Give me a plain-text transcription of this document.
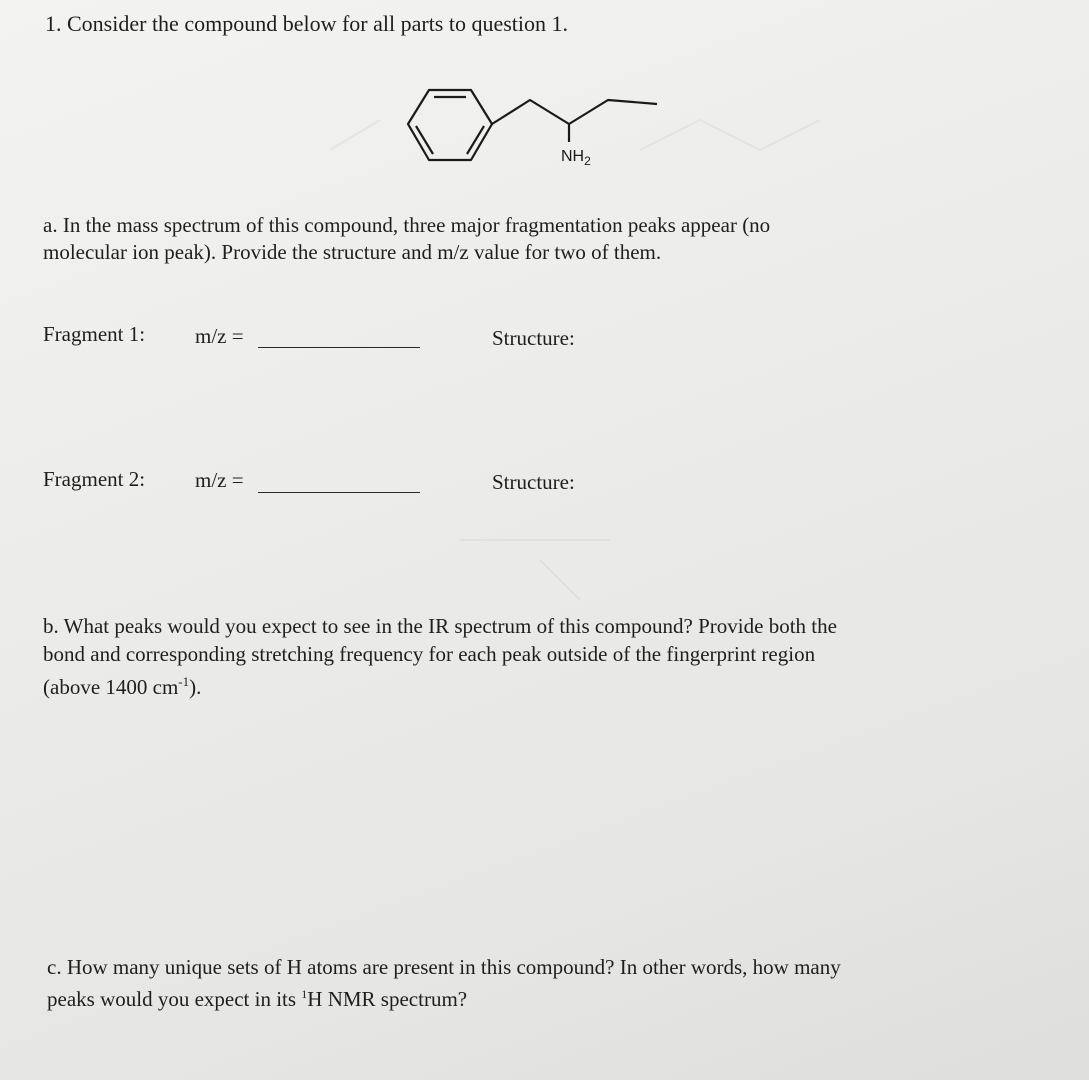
1. Consider the compound below for all parts to question 1.
$NH_2$
a. In the mass spectrum of this compound, three major fragmentation peaks appear (no
molecular ion peak). Provide the structure and m/z value for two of them.
Fragment 1: m/z =	Structure:
Fragment 2: m/z =	Structure:
b. What peaks would you expect to see in the IR spectrum of this compound? Provide both the
bond and corresponding stretching frequency for each peak outside of the fingerprint region
(above 1400 $cm^{-1}$).
c. How many unique sets of H atoms are present in this compound? In other words, how many
peaks would you expect in its $^1$H NMR spectrum?
